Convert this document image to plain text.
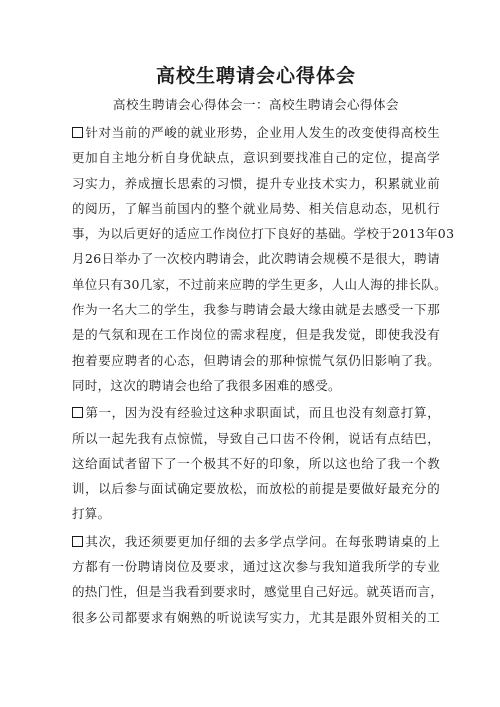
高校生聘请会心得体会
高校生聘请会心得体会一：高校生聘请会心得体会
针对当前的严峻的就业形势，企业用人发生的改变使得高校生
更加自主地分析自身优缺点，意识到要找准自己的定位，提高学
习实力，养成擅长思索的习惯，提升专业技术实力，积累就业前
的阅历，了解当前国内的整个就业局势、相关信息动态，见机行
事，为以后更好的适应工作岗位打下良好的基础。学校于2013年03
月26日举办了一次校内聘请会，此次聘请会规模不是很大，聘请
单位只有30几家，不过前来应聘的学生更多，人山人海的排长队。
作为一名大二的学生，我参与聘请会最大缘由就是去感受一下那
是的气氛和现在工作岗位的需求程度，但是我发觉，即使我没有
抱着要应聘者的心态，但聘请会的那种惊慌气氛仍旧影响了我。
同时，这次的聘请会也给了我很多困难的感受。
第一，因为没有经验过这种求职面试，而且也没有刻意打算，
所以一起先我有点惊慌，导致自己口齿不伶俐，说话有点结巴，
这给面试者留下了一个极其不好的印象，所以这也给了我一个教
训，以后参与面试确定要放松，而放松的前提是要做好最充分的
打算。
其次，我还须要更加仔细的去多学点学问。在每张聘请桌的上
方都有一份聘请岗位及要求，通过这次参与我知道我所学的专业
的热门性，但是当我看到要求时，感觉里自己好远。就英语而言，
很多公司都要求有娴熟的听说读写实力，尤其是跟外贸相关的工
